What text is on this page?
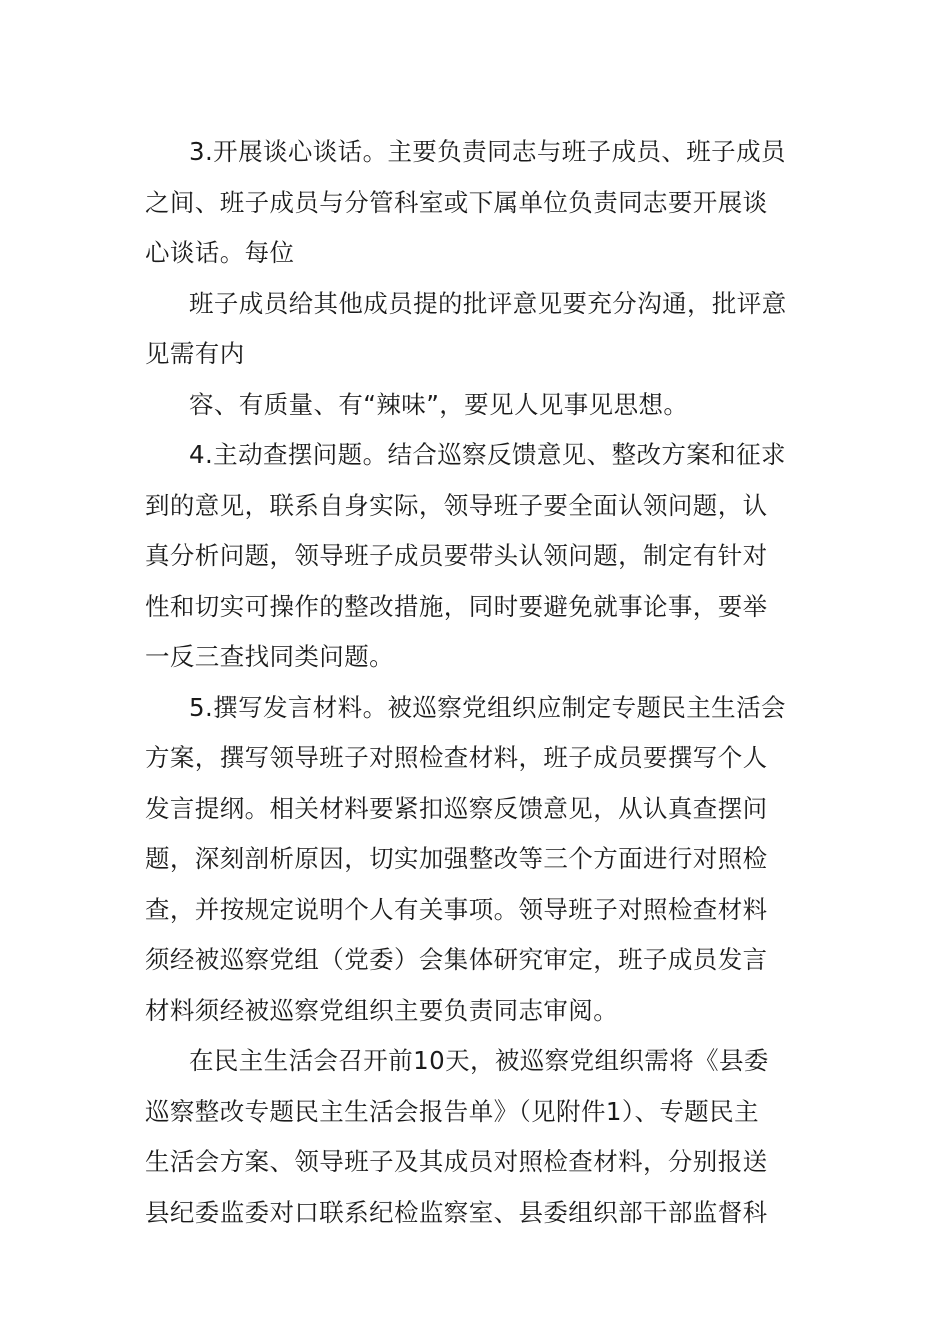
3.开展谈心谈话。主要负责同志与班子成员、班子成员
之间、班子成员与分管科室或下属单位负责同志要开展谈
心谈话。每位
班子成员给其他成员提的批评意见要充分沟通，批评意
见需有内
容、有质量、有“辣味”，要见人见事见思想。
4.主动查摆问题。结合巡察反馈意见、整改方案和征求
到的意见，联系自身实际，领导班子要全面认领问题，认
真分析问题，领导班子成员要带头认领问题，制定有针对
性和切实可操作的整改措施，同时要避免就事论事，要举
一反三查找同类问题。
5.撰写发言材料。被巡察党组织应制定专题民主生活会
方案，撰写领导班子对照检查材料，班子成员要撰写个人
发言提纲。相关材料要紧扣巡察反馈意见，从认真查摆问
题，深刻剖析原因，切实加强整改等三个方面进行对照检
查，并按规定说明个人有关事项。领导班子对照检查材料
须经被巡察党组（党委）会集体研究审定，班子成员发言
材料须经被巡察党组织主要负责同志审阅。
在民主生活会召开前10天，被巡察党组织需将《县委
巡察整改专题民主生活会报告单》（见附件1）、专题民主
生活会方案、领导班子及其成员对照检查材料，分别报送
县纪委监委对口联系纪检监察室、县委组织部干部监督科
